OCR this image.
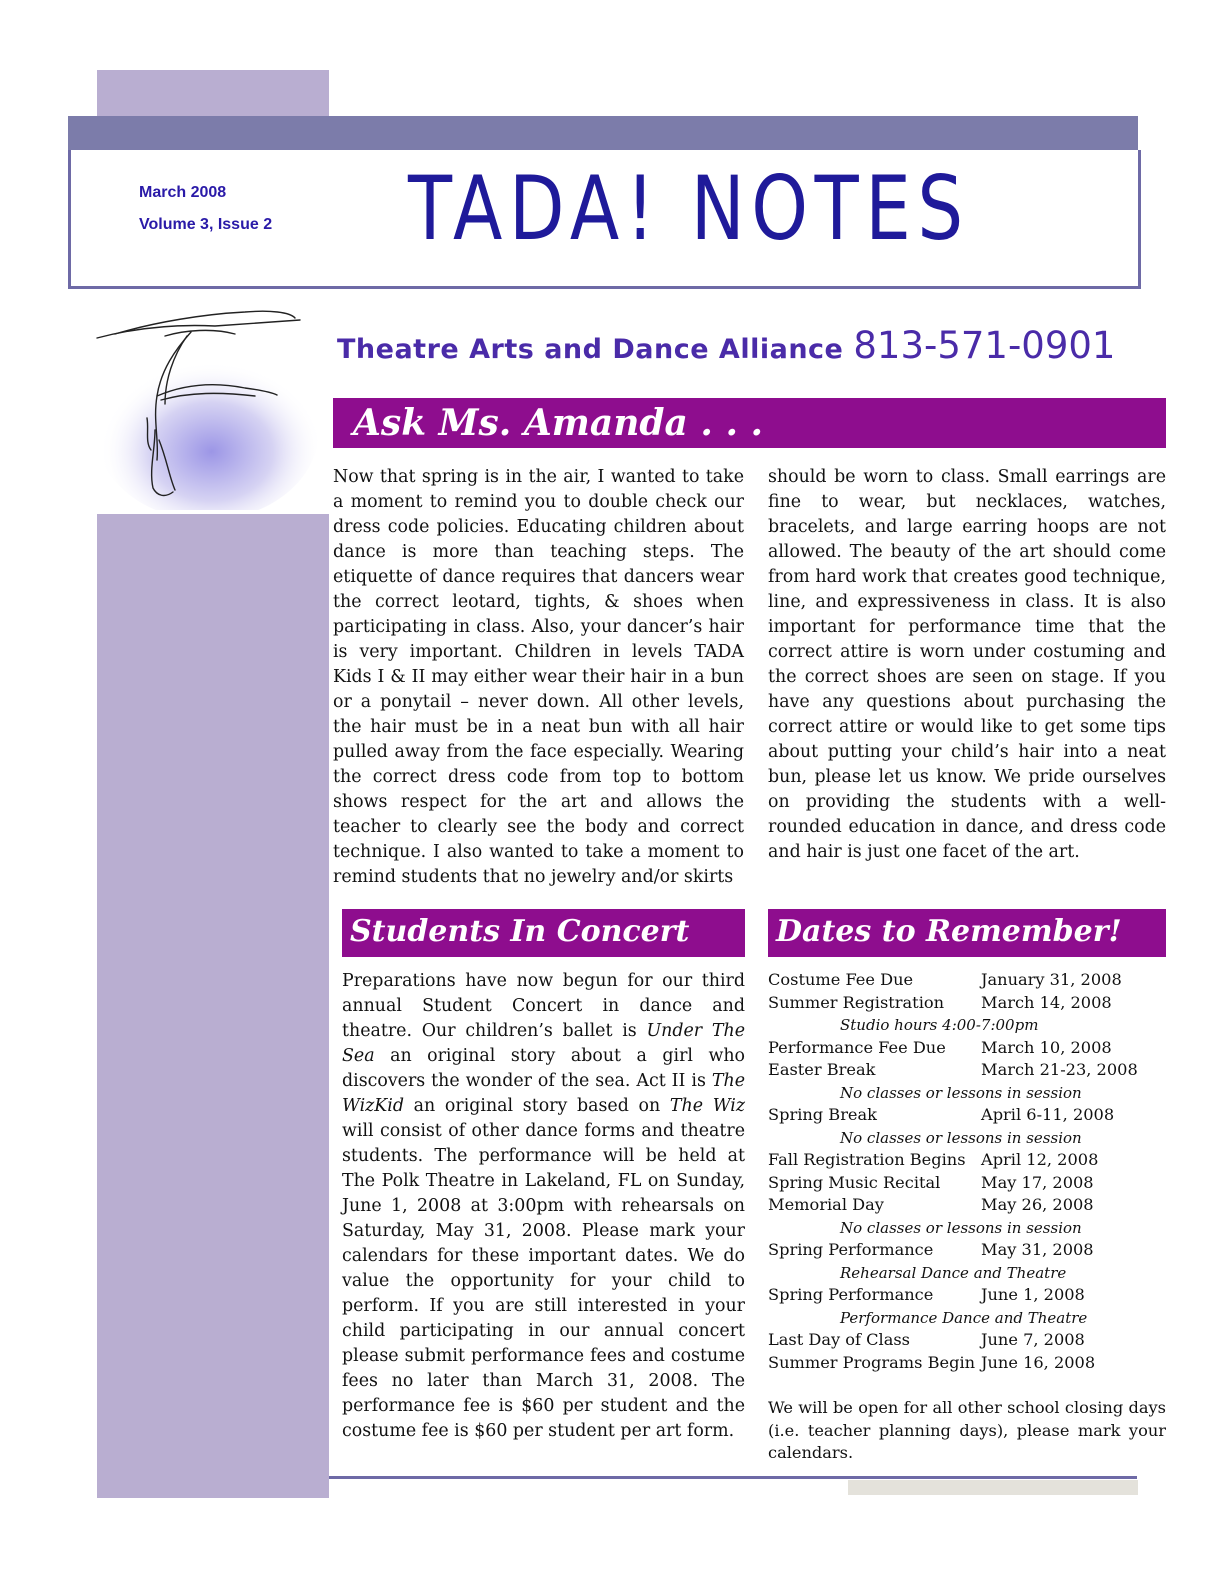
March 2008
Volume 3, Issue 2 TADA! NOTES
Theatre Arts and Dance Alliance 813-571-0901
Ask Ms. Amanda . . .

Now that spring is in the air, I wanted to take a moment to remind you to double check our dress code policies. Educating children about dance is more than teaching steps. The etiquette of dance requires that dancers wear the correct leotard, tights, & shoes when participating in class. Also, your dancer’s hair is very important. Children in levels TADA Kids I & II may either wear their hair in a bun or a ponytail – never down. All other levels, the hair must be in a neat bun with all hair pulled away from the face especially. Wearing the correct dress code from top to bottom shows respect for the art and allows the teacher to clearly see the body and correct technique. I also wanted to take a moment to remind students that no jewelry and/or skirts

should be worn to class. Small earrings are fine to wear, but necklaces, watches, bracelets, and large earring hoops are not allowed. The beauty of the art should come from hard work that creates good technique, line, and expressiveness in class. It is also important for performance time that the correct attire is worn under costuming and the correct shoes are seen on stage. If you have any questions about purchasing the correct attire or would like to get some tips about putting your child’s hair into a neat bun, please let us know. We pride ourselves on providing the students with a well-rounded education in dance, and dress code and hair is just one facet of the art.

Students In Concert

Preparations have now begun for our third annual Student Concert in dance and theatre. Our children’s ballet is Under The Sea an original story about a girl who discovers the wonder of the sea. Act II is The WizKid an original story based on The Wiz will consist of other dance forms and theatre students. The performance will be held at The Polk Theatre in Lakeland, FL on Sunday, June 1, 2008 at 3:00pm with rehearsals on Saturday, May 31, 2008. Please mark your calendars for these important dates. We do value the opportunity for your child to perform. If you are still interested in your child participating in our annual concert please submit performance fees and costume fees no later than March 31, 2008. The performance fee is $60 per student and the costume fee is $60 per student per art form.

Dates to Remember!
Costume Fee Due	January 31, 2008
Summer Registration	March 14, 2008
Studio hours 4:00-7:00pm
Performance Fee Due	March 10, 2008
Easter Break	March 21-23, 2008
No classes or lessons in session
Spring Break	April 6-11, 2008
No classes or lessons in session
Fall Registration Begins April 12, 2008
Spring Music Recital	May 17, 2008
Memorial Day	May 26, 2008
No classes or lessons in session
Spring Performance	May 31, 2008
Rehearsal Dance and Theatre
Spring Performance	June 1, 2008
Performance Dance and Theatre
Last Day of Class	June 7, 2008
Summer Programs Begin June 16, 2008

We will be open for all other school closing days (i.e. teacher planning days), please mark your calendars.
